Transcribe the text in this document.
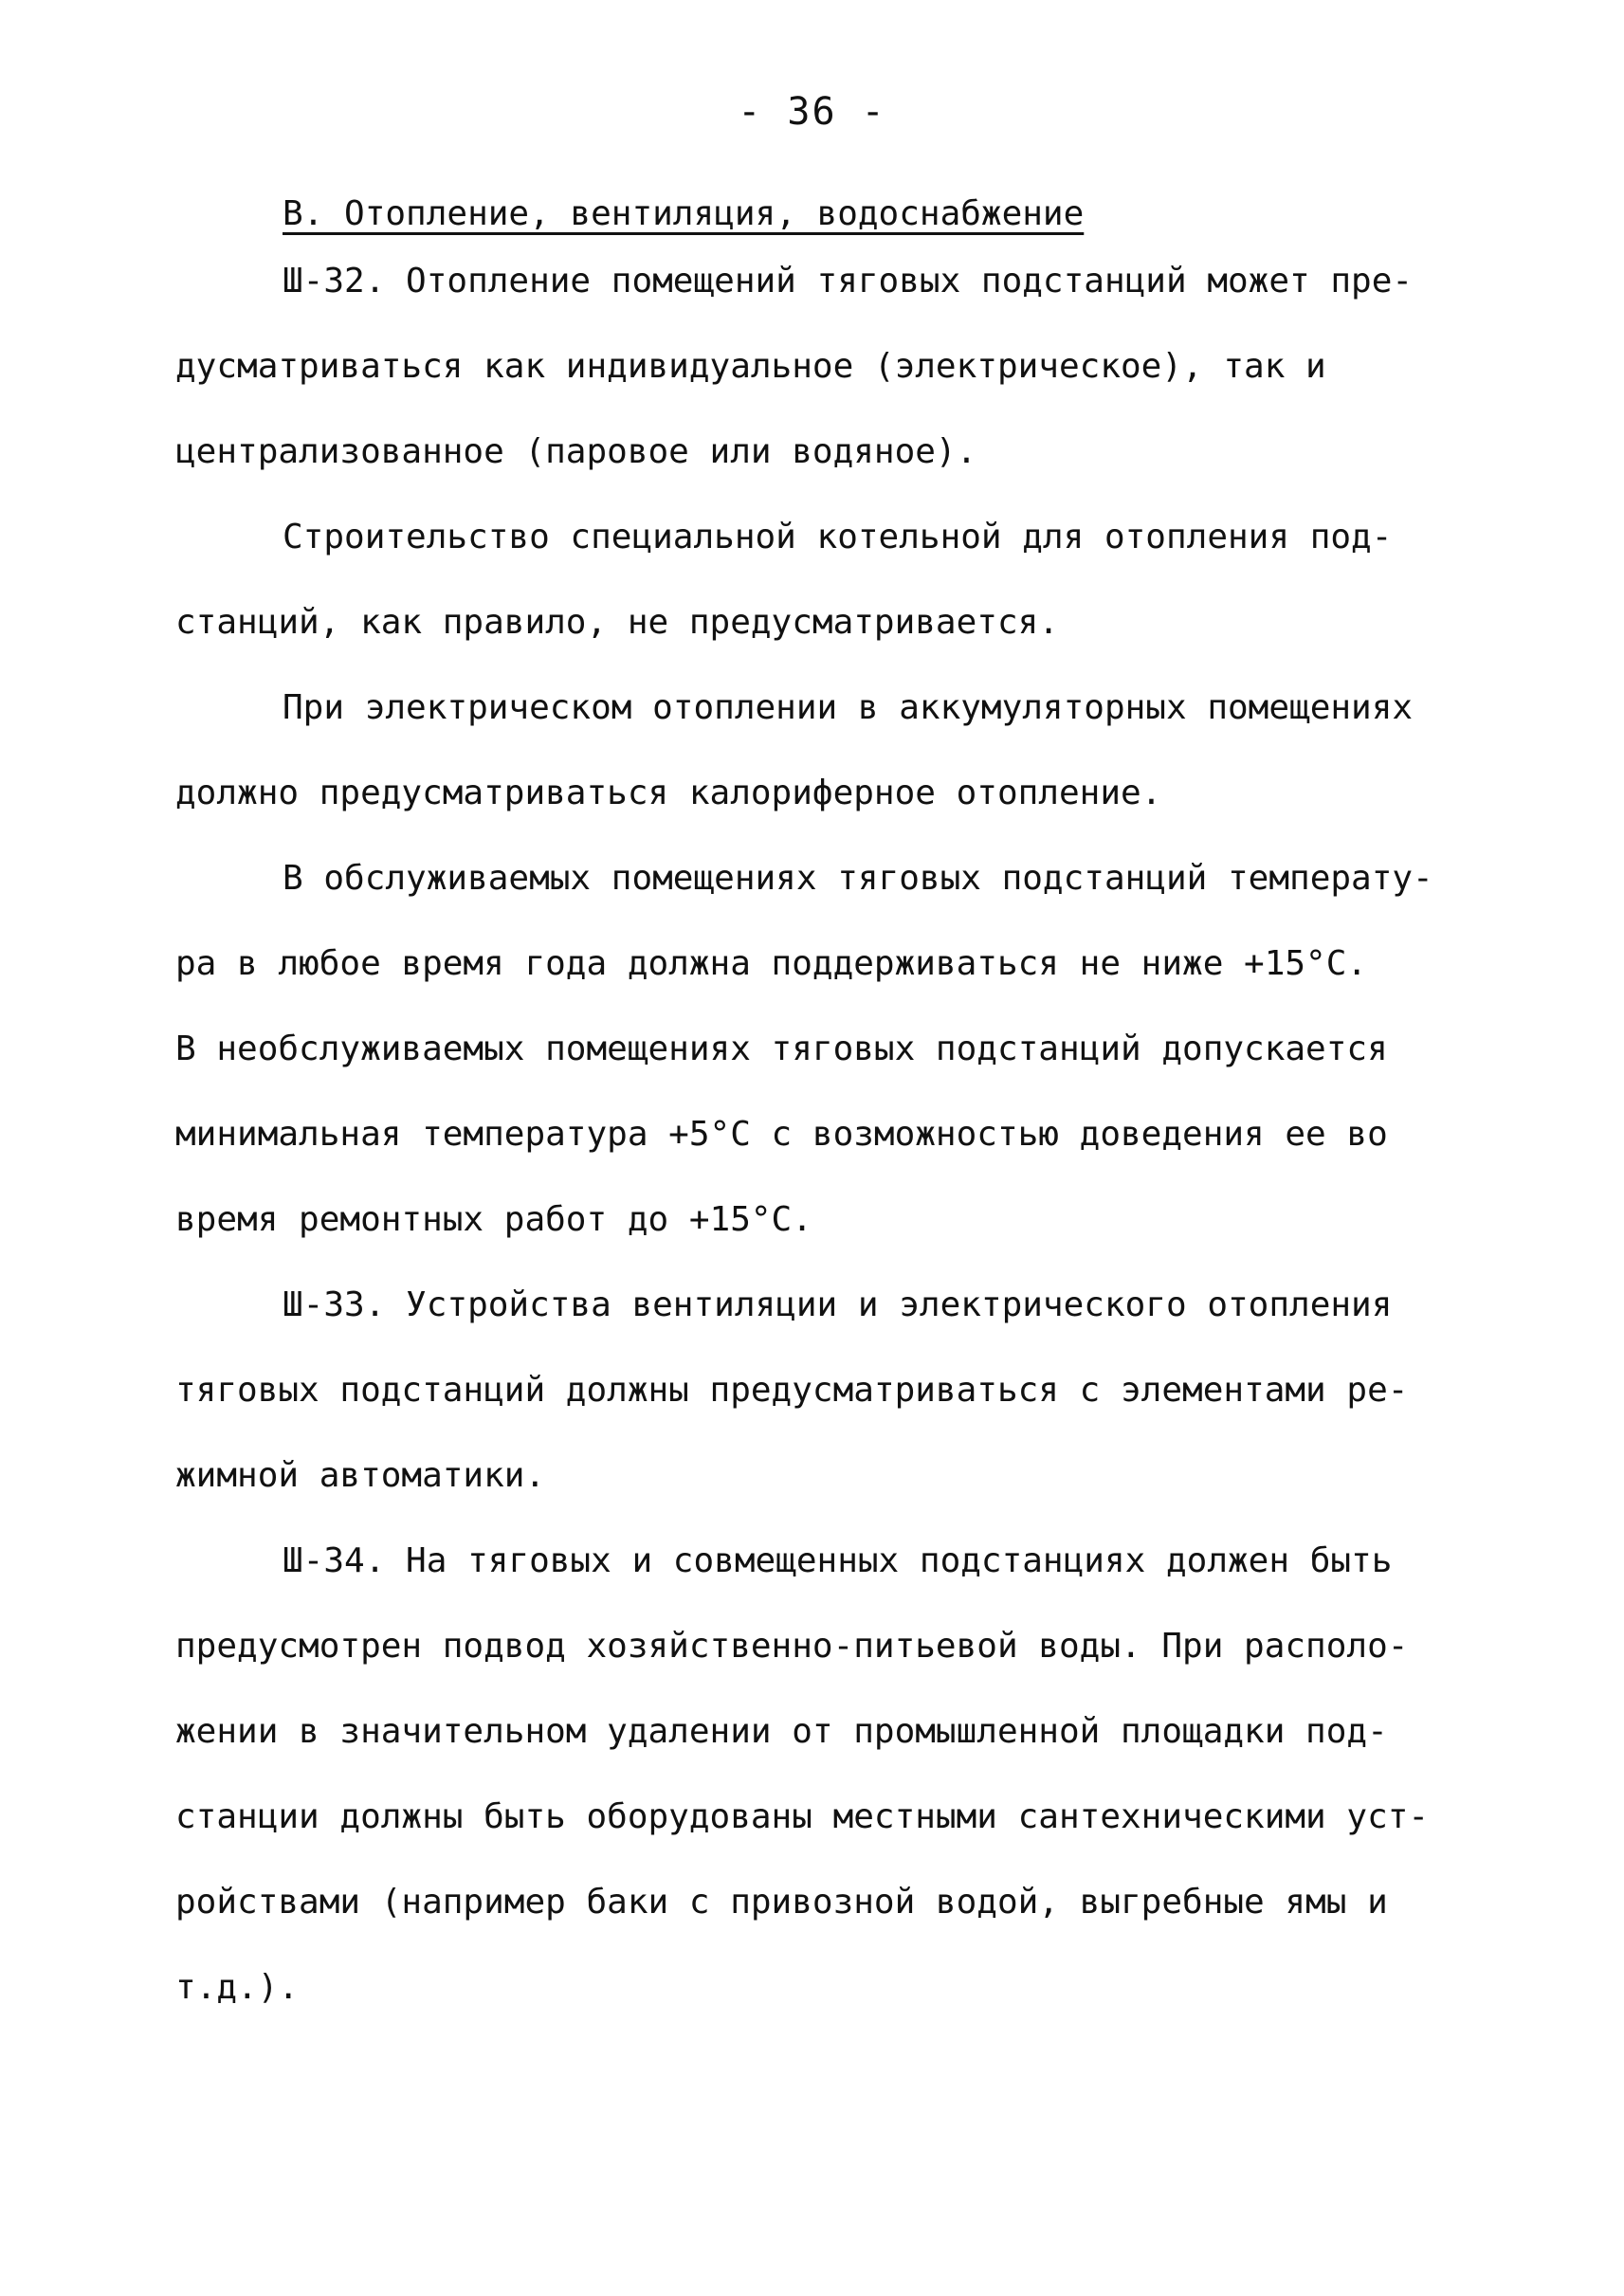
- 36 -
В. Отопление, вентиляция, водоснабжение
Ш-32. Отопление помещений тяговых подстанций может пре-
дусматриваться как индивидуальное (электрическое), так и
централизованное (паровое или водяное).
Строительство специальной котельной для отопления под-
станций, как правило, не предусматривается.
При электрическом отоплении в аккумуляторных помещениях
должно предусматриваться калориферное отопление.
В обслуживаемых помещениях тяговых подстанций температу-
ра в любое время года должна поддерживаться не ниже +15°С.
В необслуживаемых помещениях тяговых подстанций допускается
минимальная температура +5°С с возможностью доведения ее во
время ремонтных работ до +15°С.
Ш-33. Устройства вентиляции и электрического отопления
тяговых подстанций должны предусматриваться с элементами ре-
жимной автоматики.
Ш-34. На тяговых и совмещенных подстанциях должен быть
предусмотрен подвод хозяйственно-питьевой воды. При располо-
жении в значительном удалении от промышленной площадки под-
станции должны быть оборудованы местными сантехническими уст-
ройствами (например баки с привозной водой, выгребные ямы и
т.д.).
